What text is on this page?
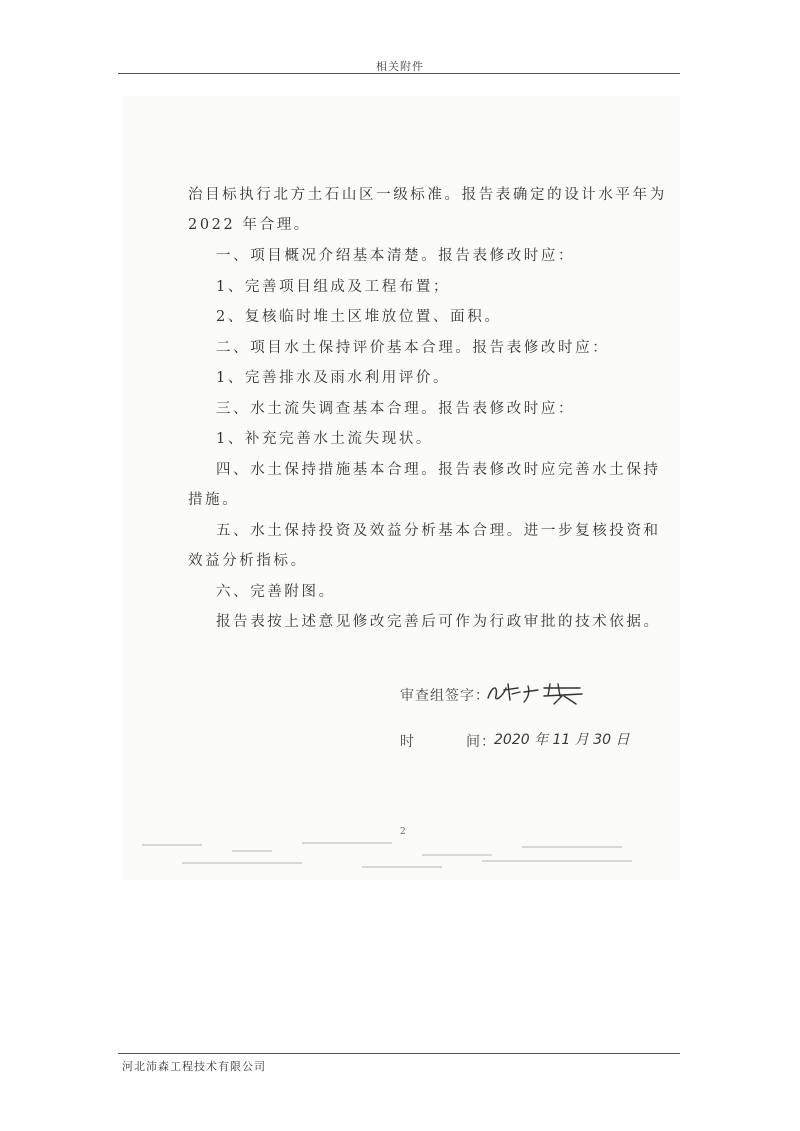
相关附件
治目标执行北方土石山区一级标准。报告表确定的设计水平年为
2022 年合理。
一、项目概况介绍基本清楚。报告表修改时应：
1、完善项目组成及工程布置；
2、复核临时堆土区堆放位置、面积。
二、项目水土保持评价基本合理。报告表修改时应：
1、完善排水及雨水利用评价。
三、水土流失调查基本合理。报告表修改时应：
1、补充完善水土流失现状。
四、水土保持措施基本合理。报告表修改时应完善水土保持
措施。
五、水土保持投资及效益分析基本合理。进一步复核投资和
效益分析指标。
六、完善附图。
报告表按上述意见修改完善后可作为行政审批的技术依据。
审查组签字：
时	间：
2020 年 11 月 30 日
2
河北沛森工程技术有限公司
